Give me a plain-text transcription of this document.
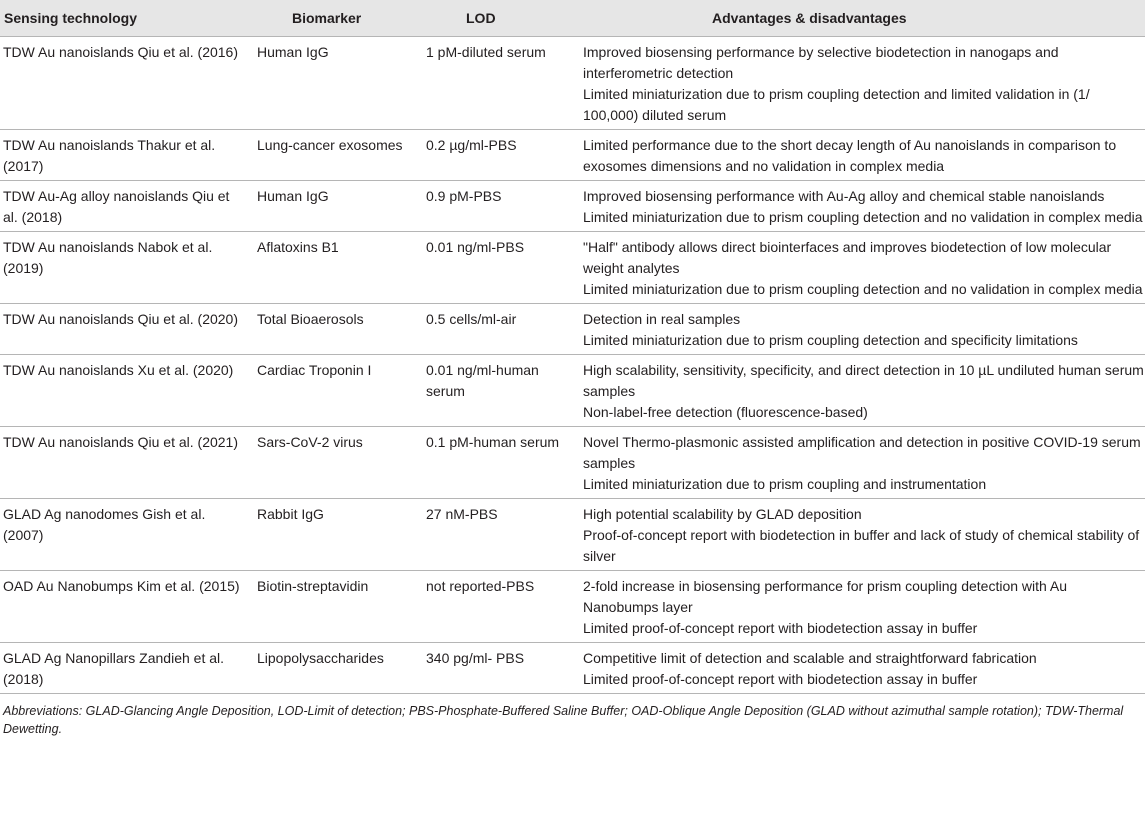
Sensing technology	Biomarker	LOD	Advantages & disadvantages
TDW Au nanoislands Qiu et al. (2016)	Human IgG	1 pM-diluted serum	Improved biosensing performance by selective biodetection in nanogaps and interferometric detection
Limited miniaturization due to prism coupling detection and limited validation in (1/ 100,000) diluted serum

TDW Au nanoislands Thakur et al. (2017)	Lung-cancer exosomes	0.2 µg/ml-PBS	Limited performance due to the short decay length of Au nanoislands in comparison to exosomes dimensions and no validation in complex media

TDW Au-Ag alloy nanoislands Qiu et al. (2018)	Human IgG	0.9 pM-PBS	Improved biosensing performance with Au-Ag alloy and chemical stable nanoislands
Limited miniaturization due to prism coupling detection and no validation in complex media

TDW Au nanoislands Nabok et al. (2019)	Aflatoxins B1	0.01 ng/ml-PBS	"Half" antibody allows direct biointerfaces and improves biodetection of low molecular weight analytes
Limited miniaturization due to prism coupling detection and no validation in complex media

TDW Au nanoislands Qiu et al. (2020)	Total Bioaerosols	0.5 cells/ml-air	Detection in real samples
Limited miniaturization due to prism coupling detection and specificity limitations

TDW Au nanoislands Xu et al. (2020)	Cardiac Troponin I	0.01 ng/ml-human serum	High scalability, sensitivity, specificity, and direct detection in 10 µL undiluted human serum samples
Non-label-free detection (fluorescence-based)

TDW Au nanoislands Qiu et al. (2021)	Sars-CoV-2 virus	0.1 pM-human serum	Novel Thermo-plasmonic assisted amplification and detection in positive COVID-19 serum samples
Limited miniaturization due to prism coupling and instrumentation

GLAD Ag nanodomes Gish et al. (2007)	Rabbit IgG	27 nM-PBS	High potential scalability by GLAD deposition
Proof-of-concept report with biodetection in buffer and lack of study of chemical stability of silver

OAD Au Nanobumps Kim et al. (2015)	Biotin-streptavidin	not reported-PBS	2-fold increase in biosensing performance for prism coupling detection with Au Nanobumps layer
Limited proof-of-concept report with biodetection assay in buffer

GLAD Ag Nanopillars Zandieh et al. (2018)	Lipopolysaccharides	340 pg/ml- PBS	Competitive limit of detection and scalable and straightforward fabrication
Limited proof-of-concept report with biodetection assay in buffer
Abbreviations: GLAD-Glancing Angle Deposition, LOD-Limit of detection; PBS-Phosphate-Buffered Saline Buffer; OAD-Oblique Angle Deposition (GLAD without azimuthal sample rotation); TDW-Thermal Dewetting.
